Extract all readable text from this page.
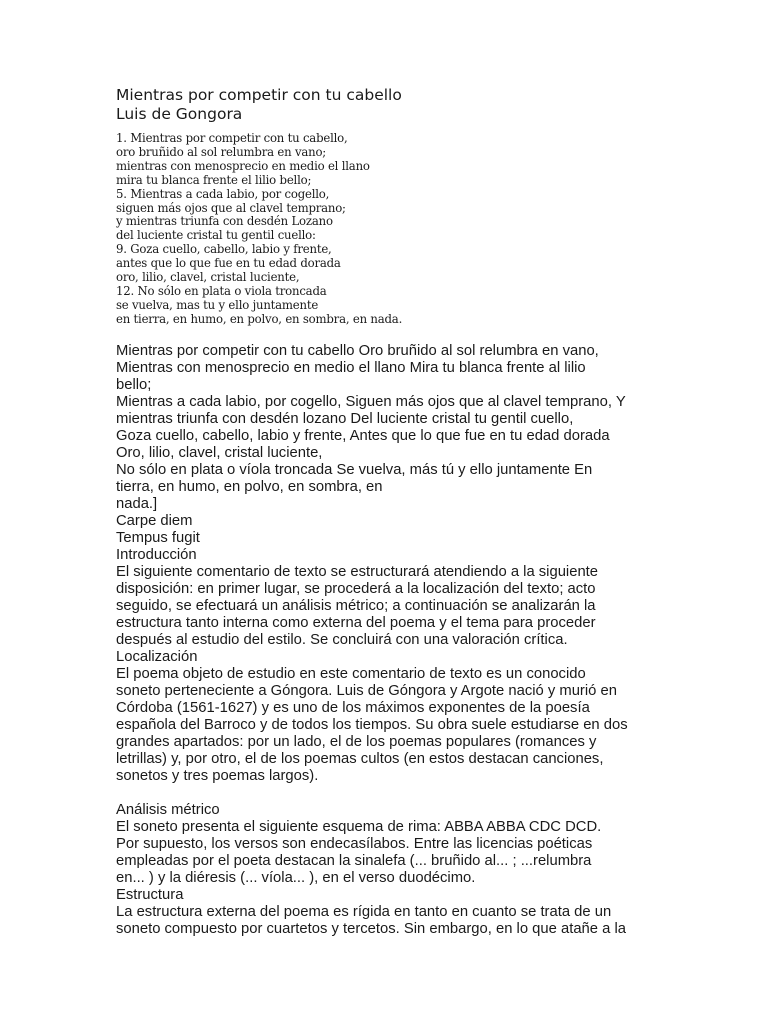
Mientras por competir con tu cabello
Luis de Gongora
1. Mientras por competir con tu cabello,
oro bruñido al sol relumbra en vano;
mientras con menosprecio en medio el llano
mira tu blanca frente el lilio bello;
5. Mientras a cada labio, por cogello,
siguen más ojos que al clavel temprano;
y mientras triunfa con desdén Lozano
del luciente cristal tu gentil cuello:
9. Goza cuello, cabello, labio y frente,
antes que lo que fue en tu edad dorada
oro, lilio, clavel, cristal luciente,
12. No sólo en plata o viola troncada
se vuelva, mas tu y ello juntamente
en tierra, en humo, en polvo, en sombra, en nada.
Mientras por competir con tu cabello Oro bruñido al sol relumbra en vano,
Mientras con menosprecio en medio el llano Mira tu blanca frente al lilio
bello;
Mientras a cada labio, por cogello, Siguen más ojos que al clavel temprano, Y
mientras triunfa con desdén lozano Del luciente cristal tu gentil cuello,
Goza cuello, cabello, labio y frente, Antes que lo que fue en tu edad dorada
Oro, lilio, clavel, cristal luciente,
No sólo en plata o víola troncada Se vuelva, más tú y ello juntamente En
tierra, en humo, en polvo, en sombra, en
nada.]
Carpe diem
Tempus fugit
Introducción
El siguiente comentario de texto se estructurará atendiendo a la siguiente
disposición: en primer lugar, se procederá a la localización del texto; acto
seguido, se efectuará un análisis métrico; a continuación se analizarán la
estructura tanto interna como externa del poema y el tema para proceder
después al estudio del estilo. Se concluirá con una valoración crítica.
Localización
El poema objeto de estudio en este comentario de texto es un conocido
soneto perteneciente a Góngora. Luis de Góngora y Argote nació y murió en
Córdoba (1561-1627) y es uno de los máximos exponentes de la poesía
española del Barroco y de todos los tiempos. Su obra suele estudiarse en dos
grandes apartados: por un lado, el de los poemas populares (romances y
letrillas) y, por otro, el de los poemas cultos (en estos destacan canciones,
sonetos y tres poemas largos).
Análisis métrico
El soneto presenta el siguiente esquema de rima: ABBA ABBA CDC DCD.
Por supuesto, los versos son endecasílabos. Entre las licencias poéticas
empleadas por el poeta destacan la sinalefa (... bruñido al... ; ...relumbra
en... ) y la diéresis (... víola... ), en el verso duodécimo.
Estructura
La estructura externa del poema es rígida en tanto en cuanto se trata de un
soneto compuesto por cuartetos y tercetos. Sin embargo, en lo que atañe a la
